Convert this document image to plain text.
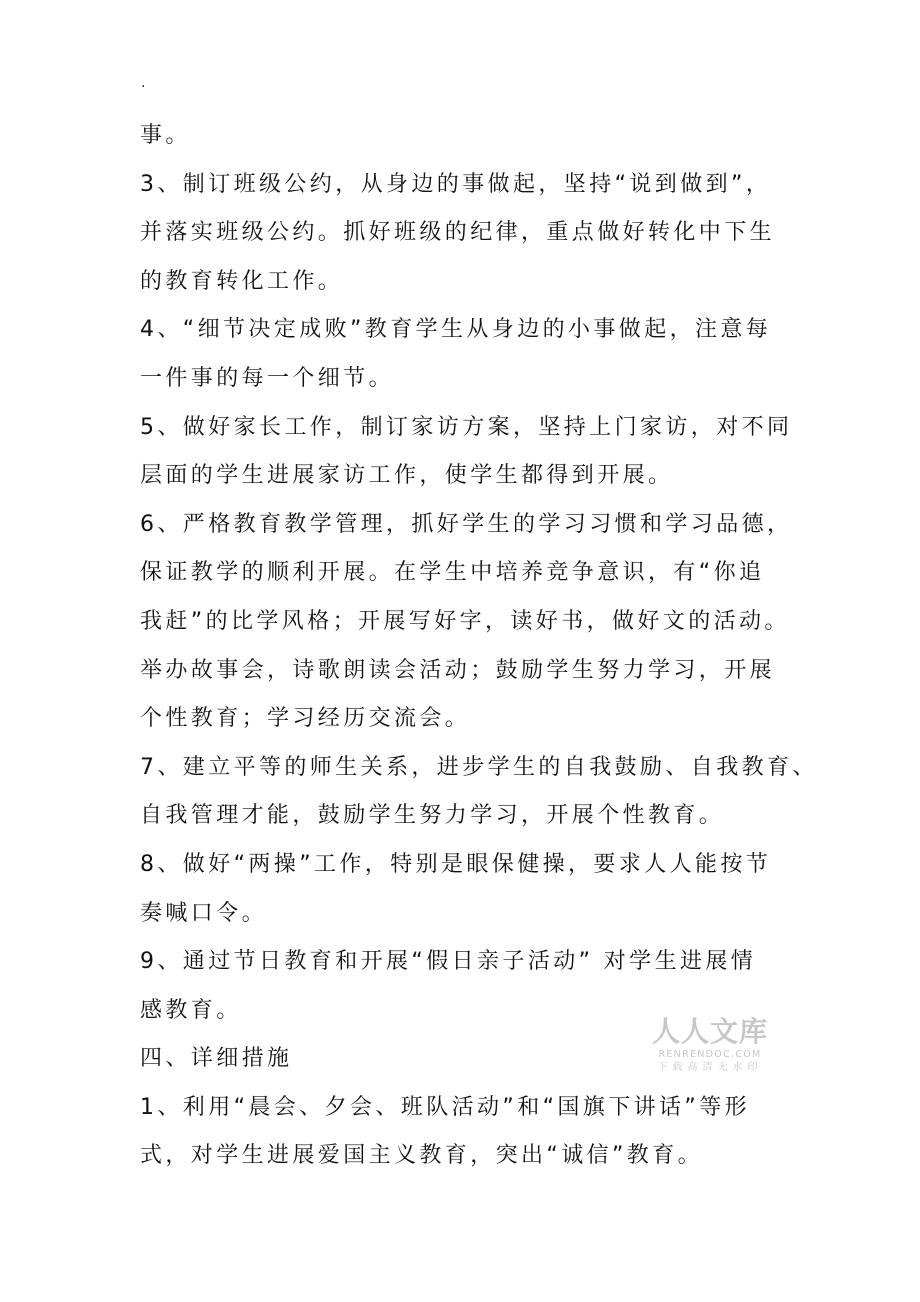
.
事。
3、制订班级公约，从身边的事做起，坚持“说到做到”，
并落实班级公约。抓好班级的纪律，重点做好转化中下生
的教育转化工作。
4、“细节决定成败”教育学生从身边的小事做起，注意每
一件事的每一个细节。
5、做好家长工作，制订家访方案，坚持上门家访，对不同
层面的学生进展家访工作，使学生都得到开展。
6、严格教育教学管理，抓好学生的学习习惯和学习品德，
保证教学的顺利开展。在学生中培养竞争意识，有“你追
我赶”的比学风格；开展写好字，读好书，做好文的活动。
举办故事会，诗歌朗读会活动；鼓励学生努力学习，开展
个性教育；学习经历交流会。
7、建立平等的师生关系，进步学生的自我鼓励、自我教育、
自我管理才能，鼓励学生努力学习，开展个性教育。
8、做好“两操”工作，特别是眼保健操，要求人人能按节
奏喊口令。
9、通过节日教育和开展“假日亲子活动” 对学生进展情
感教育。
四、详细措施
1、利用“晨会、夕会、班队活动”和“国旗下讲话”等形
式，对学生进展爱国主义教育，突出“诚信”教育。
人人文库
RENRENDOC.COM
下载高清无水印
